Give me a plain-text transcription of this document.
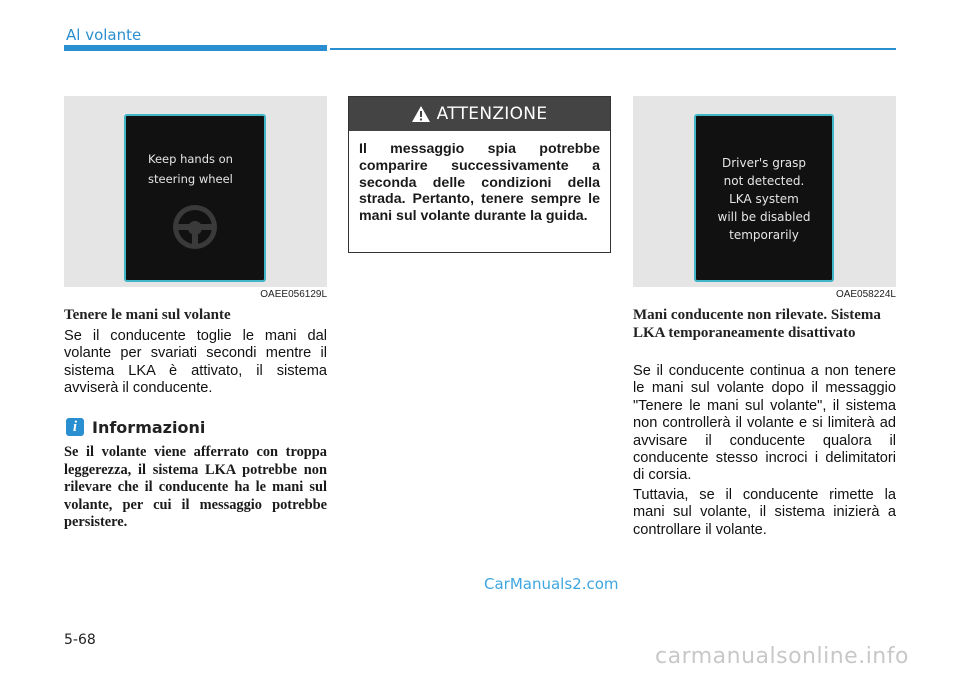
Al volante
Keep hands on
steering wheel
OAEE056129L
Tenere le mani sul volante
Se il conducente toglie le mani dal volante per svariati secondi mentre il sistema LKA è attivato, il sistema avviserà il conducente.
i Informazioni
Se il volante viene afferrato con troppa leggerezza, il sistema LKA potrebbe non rilevare che il conducente ha le mani sul volante, per cui il messaggio potrebbe persistere.
ATTENZIONE
Il messaggio spia potrebbe comparire successivamente a seconda delle condizioni della strada. Pertanto, tenere sempre le mani sul volante durante la guida.
Driver's grasp
not detected.
LKA system
will be disabled
temporarily
OAE058224L
Mani conducente non rilevate. Sistema LKA temporaneamente disattivato
Se il conducente continua a non tenere le mani sul volante dopo il messaggio "Tenere le mani sul volante", il sistema non controllerà il volante e si limiterà ad avvisare il conducente qualora il conducente stesso incroci i delimitatori di corsia.
Tuttavia, se il conducente rimette la mani sul volante, il sistema inizierà a controllare il volante.
CarManuals2.com
5-68
carmanualsonline.info
